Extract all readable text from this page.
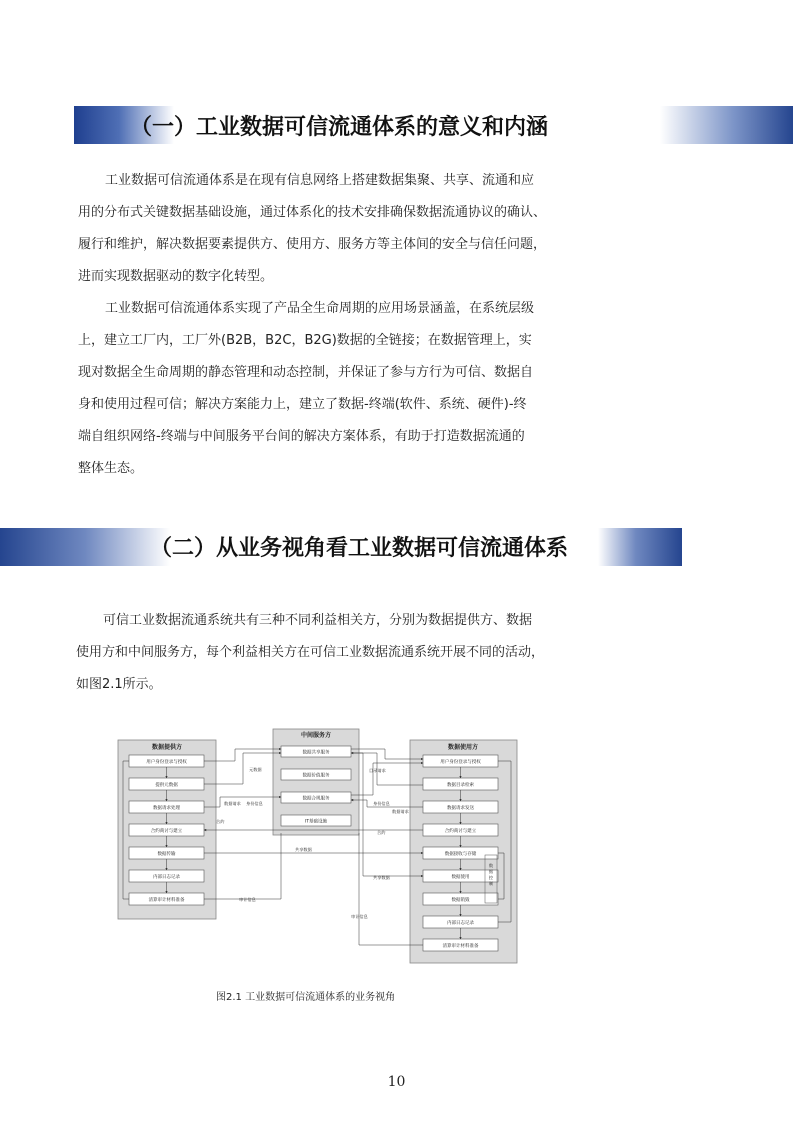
（一）工业数据可信流通体系的意义和内涵
工业数据可信流通体系是在现有信息网络上搭建数据集聚、共享、流通和应
用的分布式关键数据基础设施，通过体系化的技术安排确保数据流通协议的确认、
履行和维护，解决数据要素提供方、使用方、服务方等主体间的安全与信任问题，
进而实现数据驱动的数字化转型。
工业数据可信流通体系实现了产品全生命周期的应用场景涵盖，在系统层级
上，建立工厂内，工厂外(B2B，B2C，B2G)数据的全链接；在数据管理上，实
现对数据全生命周期的静态管理和动态控制，并保证了参与方行为可信、数据自
身和使用过程可信；解决方案能力上，建立了数据-终端(软件、系统、硬件)-终
端自组织网络-终端与中间服务平台间的解决方案体系，有助于打造数据流通的
整体生态。
（二）从业务视角看工业数据可信流通体系
可信工业数据流通系统共有三种不同利益相关方，分别为数据提供方、数据
使用方和中间服务方，每个利益相关方在可信工业数据流通系统开展不同的活动，
如图2.1所示。
数据提供方
中间服务方
数据使用方
用户身份登录与授权
提供元数据
数据请求处理
合约商讨与建立
数据传输
内部日志记录
清算审计材料准备
数据共享服务
数据价值服务
数据合规服务
IT基础设施
用户身份登录与授权
数据目录检索
数据请求发送
合约商讨与建立
数据接收与存储
数据使用
数据销毁
内部日志记录
清算审计材料准备
数据控制
元数据	目录请求
数据请求 身份信息	身份信息
数据请求
合约
合约
共享数据
共享数据
审计信息
审计信息
图2.1 工业数据可信流通体系的业务视角
10
